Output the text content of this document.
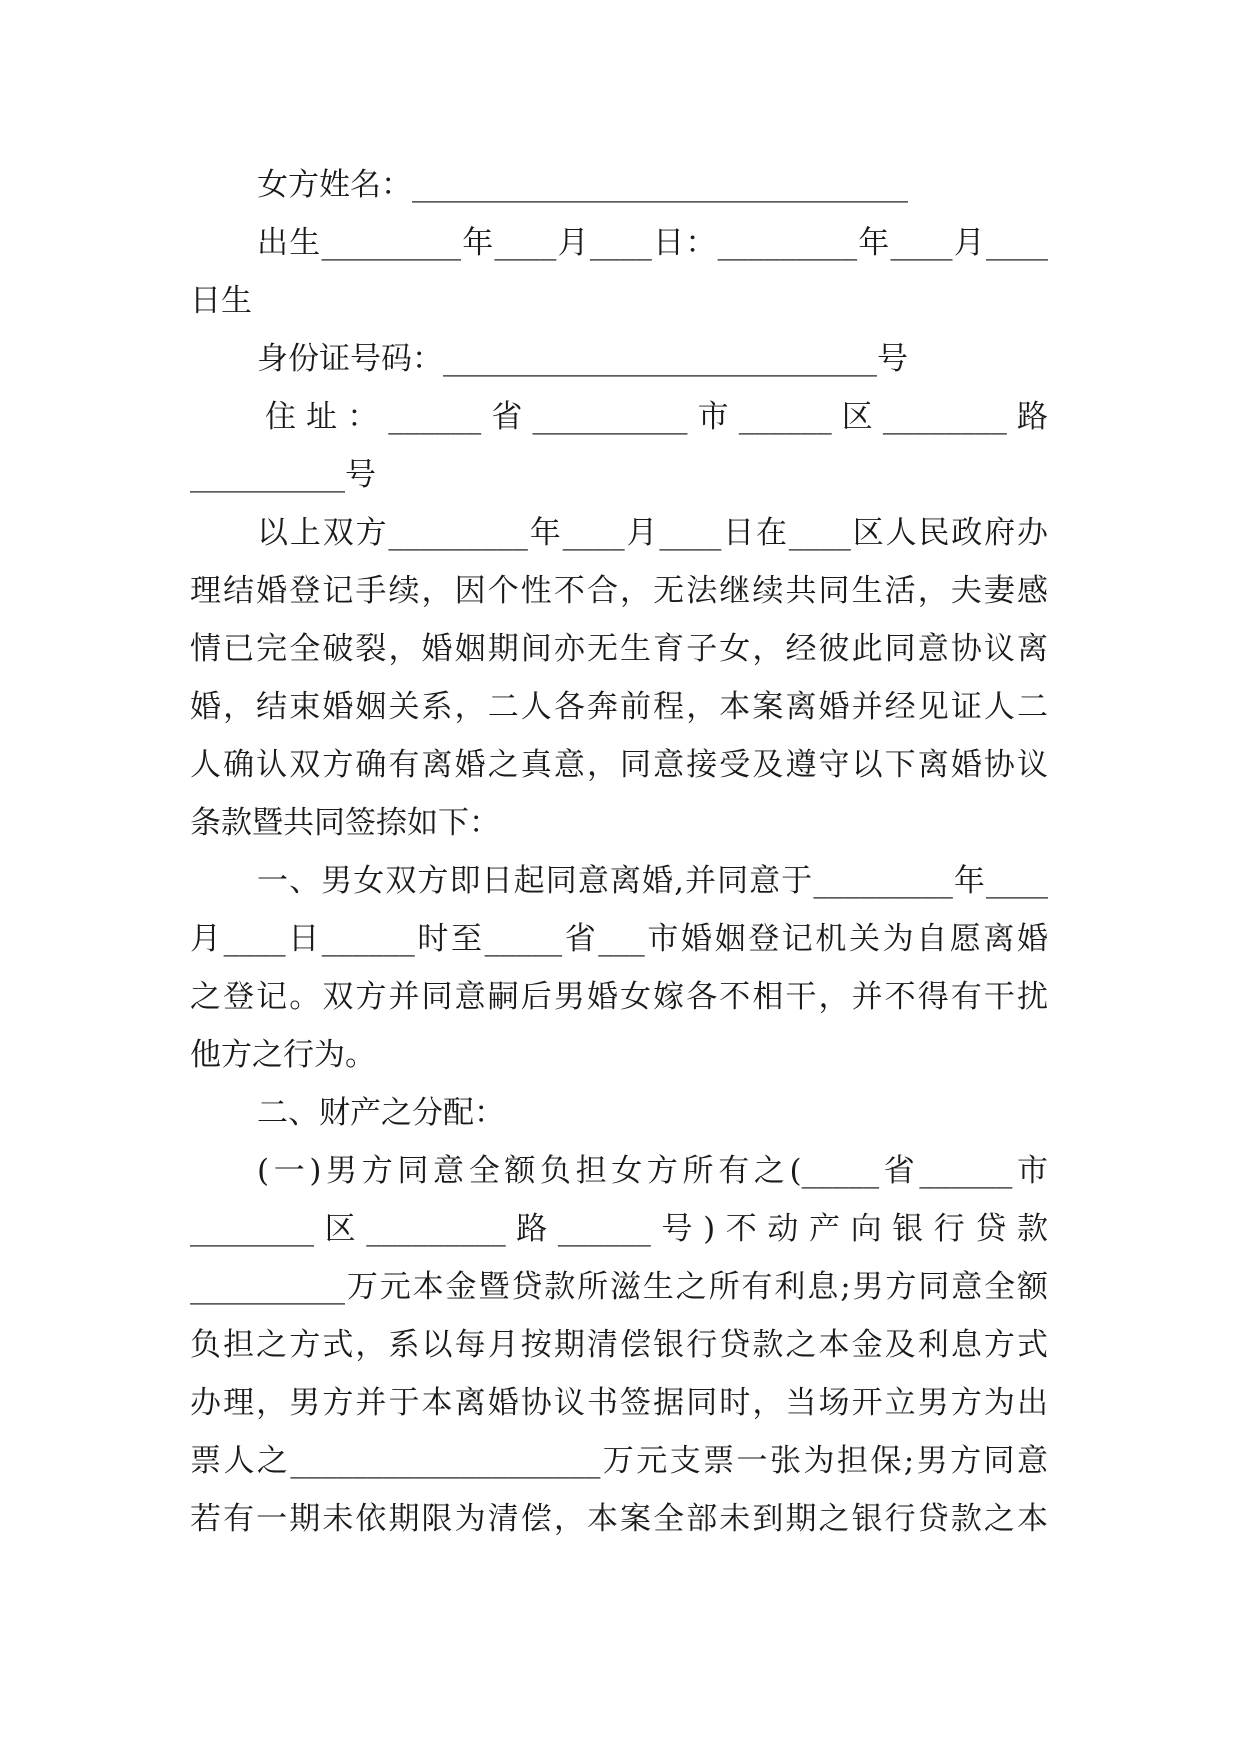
女方姓名：________________________________
出生_________年____月____日：_________年____月____
日生
身份证号码：____________________________号
住址：______省__________市______区________路
__________号
以上双方_________年____月____日在____区人民政府办
理结婚登记手续，因个性不合，无法继续共同生活，夫妻感
情已完全破裂，婚姻期间亦无生育子女，经彼此同意协议离
婚，结束婚姻关系，二人各奔前程，本案离婚并经见证人二
人确认双方确有离婚之真意，同意接受及遵守以下离婚协议
条款暨共同签捺如下：
一、男女双方即日起同意离婚,并同意于_________年____
月____日______时至_____省___市婚姻登记机关为自愿离婚
之登记。双方并同意嗣后男婚女嫁各不相干，并不得有干扰
他方之行为。
二、财产之分配：
(一)男方同意全额负担女方所有之(_____省______市
________区_________路______号)不动产向银行贷款
__________万元本金暨贷款所滋生之所有利息;男方同意全额
负担之方式，系以每月按期清偿银行贷款之本金及利息方式
办理，男方并于本离婚协议书签据同时，当场开立男方为出
票人之____________________万元支票一张为担保;男方同意
若有一期未依期限为清偿，本案全部未到期之银行贷款之本
